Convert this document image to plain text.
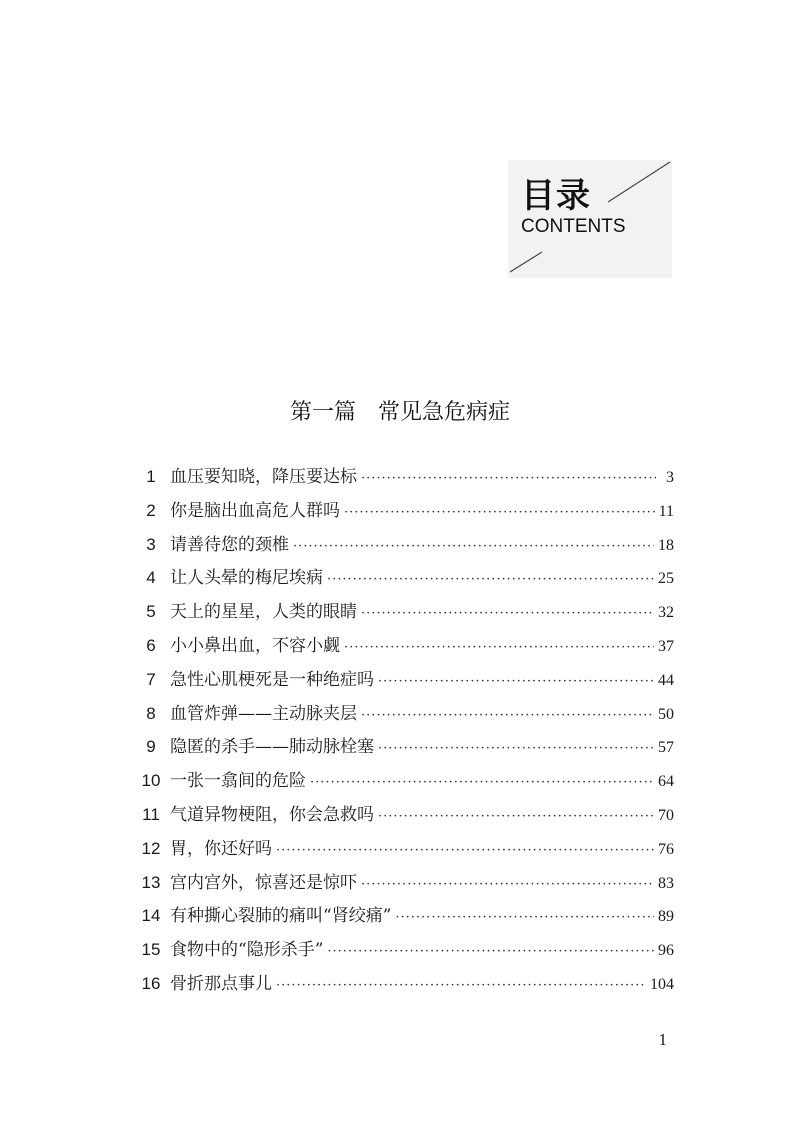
目录
CONTENTS
第一篇 常见急危病症
1 血压要知晓，降压要达标 ·····	3
2 你是脑出血高危人群吗 ·····	11
3 请善待您的颈椎 ·····	18
4 让人头晕的梅尼埃病 ·····	25
5 天上的星星，人类的眼睛 ·····	32
6 小小鼻出血，不容小觑 ·····	37
7 急性心肌梗死是一种绝症吗 ·····	44
8 血管炸弹——主动脉夹层 ·····	50
9 隐匿的杀手——肺动脉栓塞 ·····	57
10 一张一翕间的危险 ·····	64
11 气道异物梗阻，你会急救吗 ·····	70
12 胃，你还好吗 ·····	76
13 宫内宫外，惊喜还是惊吓 ·····	83
14 有种撕心裂肺的痛叫“肾绞痛” ·····	89
15 食物中的“隐形杀手” ·····	96
16 骨折那点事儿 ·····	104
1
